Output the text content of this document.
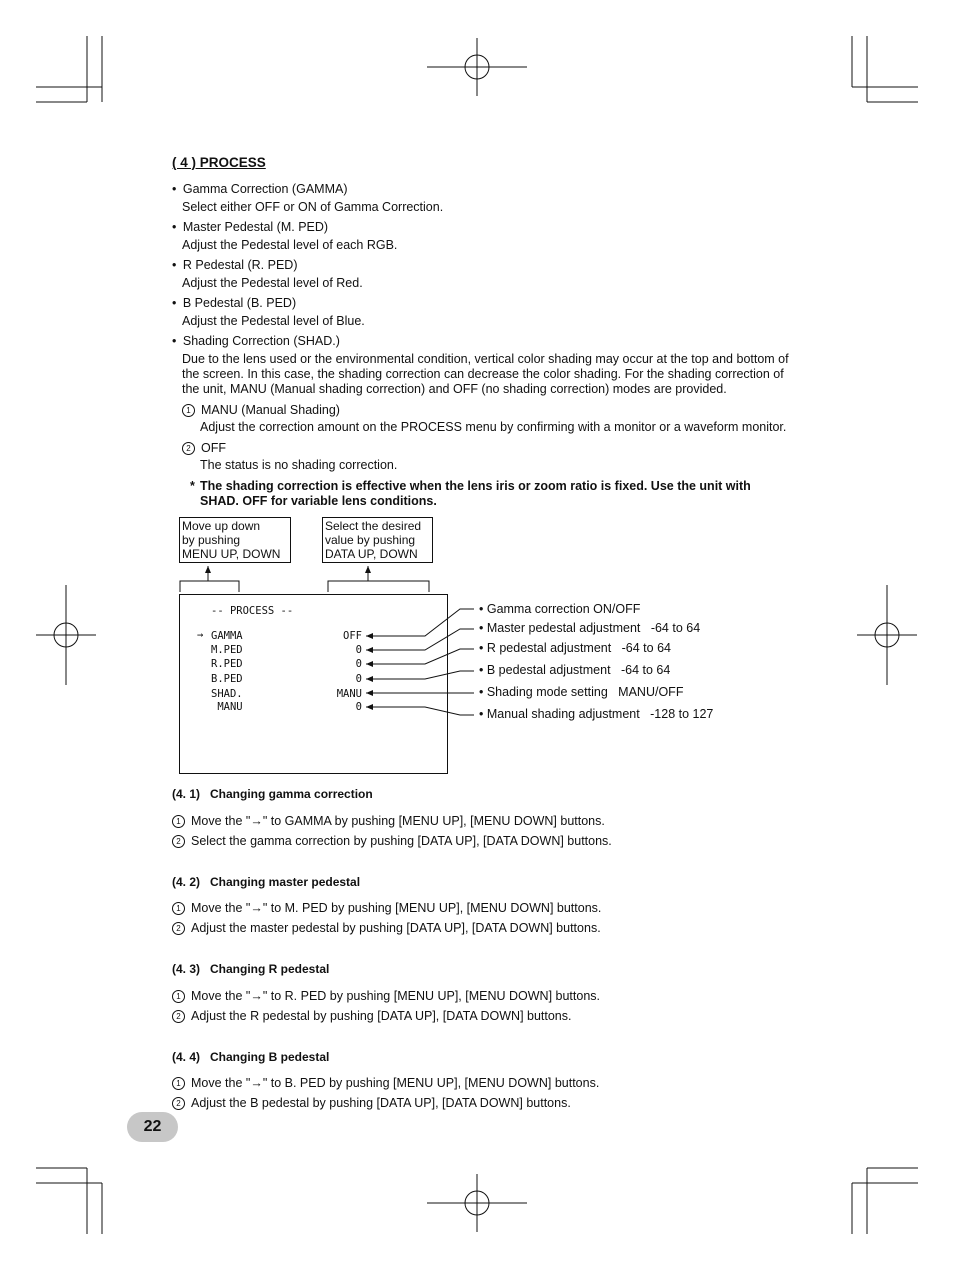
( 4 ) PROCESS
• Gamma Correction (GAMMA)
Select either OFF or ON of Gamma Correction.
• Master Pedestal (M. PED)
Adjust the Pedestal level of each RGB.
• R Pedestal (R. PED)
Adjust the Pedestal level of Red.
• B Pedestal (B. PED)
Adjust the Pedestal level of Blue.
• Shading Correction (SHAD.)
Due to the lens used or the environmental condition, vertical color shading may occur at the top and bottom of the screen. In this case, the shading correction can decrease the color shading. For the shading correction of the unit, MANU (Manual shading correction) and OFF (no shading correction) modes are provided.
1 MANU (Manual Shading)
Adjust the correction amount on the PROCESS menu by confirming with a monitor or a waveform monitor.
2 OFF
The status is no shading correction.
* The shading correction is effective when the lens iris or zoom ratio is fixed. Use the unit with SHAD. OFF for variable lens conditions.
Move up down
by pushing
MENU UP, DOWN
Select the desired
value by pushing
DATA UP, DOWN
-- PROCESS --
→ GAMMA	OFF
M.PED	0
R.PED	0
B.PED	0
SHAD.	MANU
MANU	0
• Gamma correction ON/OFF
• Master pedestal adjustment   -64 to 64
• R pedestal adjustment   -64 to 64
• B pedestal adjustment   -64 to 64
• Shading mode setting   MANU/OFF
• Manual shading adjustment   -128 to 127
(4. 1)   Changing gamma correction
1 Move the "→" to GAMMA by pushing [MENU UP], [MENU DOWN] buttons.
2 Select the gamma correction by pushing [DATA UP], [DATA DOWN] buttons.
(4. 2)   Changing master pedestal
1 Move the "→" to M. PED by pushing [MENU UP], [MENU DOWN] buttons.
2 Adjust the master pedestal by pushing [DATA UP], [DATA DOWN] buttons.
(4. 3)   Changing R pedestal
1 Move the "→" to R. PED by pushing [MENU UP], [MENU DOWN] buttons.
2 Adjust the R pedestal by pushing [DATA UP], [DATA DOWN] buttons.
(4. 4)   Changing B pedestal
1 Move the "→" to B. PED by pushing [MENU UP], [MENU DOWN] buttons.
2 Adjust the B pedestal by pushing [DATA UP], [DATA DOWN] buttons.
22
